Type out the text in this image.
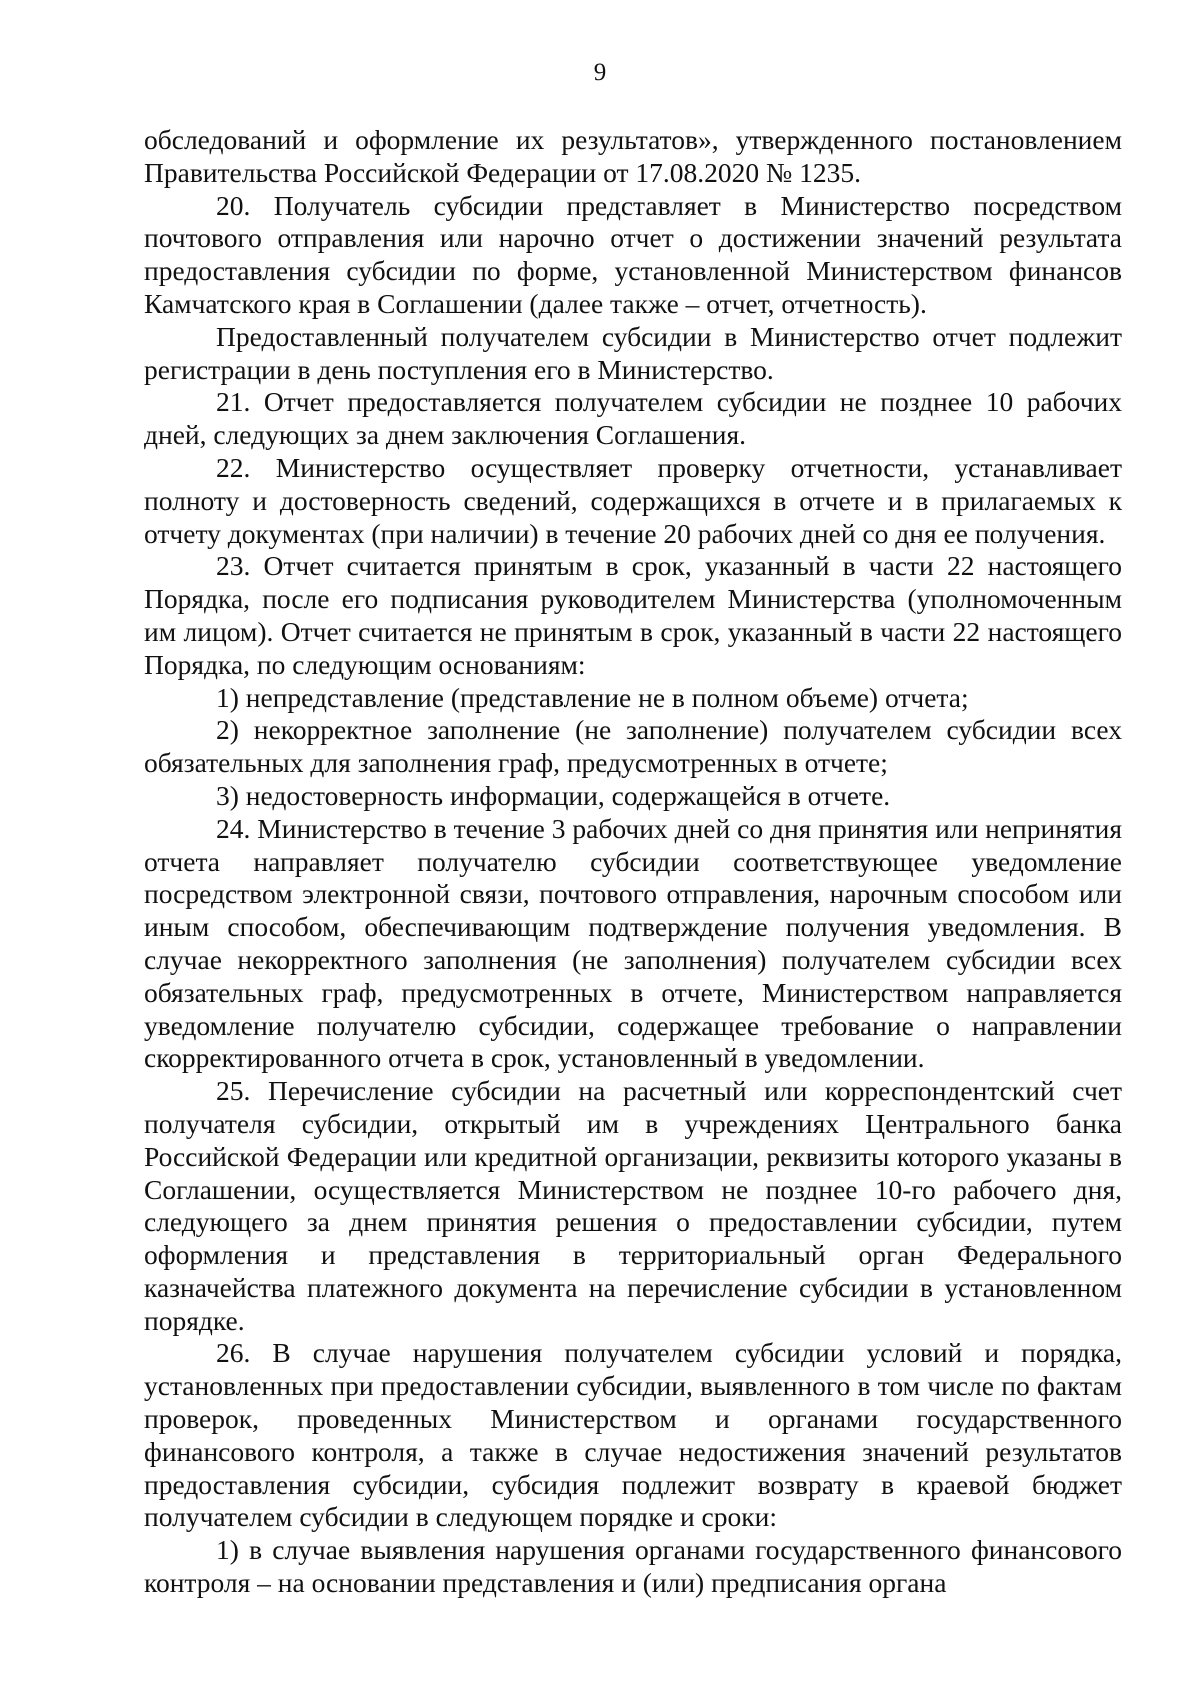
9

обследований и оформление их результатов», утвержденного постановлением Правительства Российской Федерации от 17.08.2020 № 1235.

20. Получатель субсидии представляет в Министерство посредством почтового отправления или нарочно отчет о достижении значений результата предоставления субсидии по форме, установленной Министерством финансов Камчатского края в Соглашении (далее также – отчет, отчетность).

Предоставленный получателем субсидии в Министерство отчет подлежит регистрации в день поступления его в Министерство.

21. Отчет предоставляется получателем субсидии не позднее 10 рабочих дней, следующих за днем заключения Соглашения.

22. Министерство осуществляет проверку отчетности, устанавливает полноту и достоверность сведений, содержащихся в отчете и в прилагаемых к отчету документах (при наличии) в течение 20 рабочих дней со дня ее получения.

23. Отчет считается принятым в срок, указанный в части 22 настоящего Порядка, после его подписания руководителем Министерства (уполномоченным им лицом). Отчет считается не принятым в срок, указанный в части 22 настоящего Порядка, по следующим основаниям:

1) непредставление (представление не в полном объеме) отчета;

2) некорректное заполнение (не заполнение) получателем субсидии всех обязательных для заполнения граф, предусмотренных в отчете;

3) недостоверность информации, содержащейся в отчете.

24. Министерство в течение 3 рабочих дней со дня принятия или непринятия отчета направляет получателю субсидии соответствующее уведомление посредством электронной связи, почтового отправления, нарочным способом или иным способом, обеспечивающим подтверждение получения уведомления. В случае некорректного заполнения (не заполнения) получателем субсидии всех обязательных граф, предусмотренных в отчете, Министерством направляется уведомление получателю субсидии, содержащее требование о направлении скорректированного отчета в срок, установленный в уведомлении.

25. Перечисление субсидии на расчетный или корреспондентский счет получателя субсидии, открытый им в учреждениях Центрального банка Российской Федерации или кредитной организации, реквизиты которого указаны в Соглашении, осуществляется Министерством не позднее 10-го рабочего дня, следующего за днем принятия решения о предоставлении субсидии, путем оформления и представления в территориальный орган Федерального казначейства платежного документа на перечисление субсидии в установленном порядке.

26. В случае нарушения получателем субсидии условий и порядка, установленных при предоставлении субсидии, выявленного в том числе по фактам проверок, проведенных Министерством и органами государственного финансового контроля, а также в случае недостижения значений результатов предоставления субсидии, субсидия подлежит возврату в краевой бюджет получателем субсидии в следующем порядке и сроки:

1) в случае выявления нарушения органами государственного финансового контроля – на основании представления и (или) предписания органа
